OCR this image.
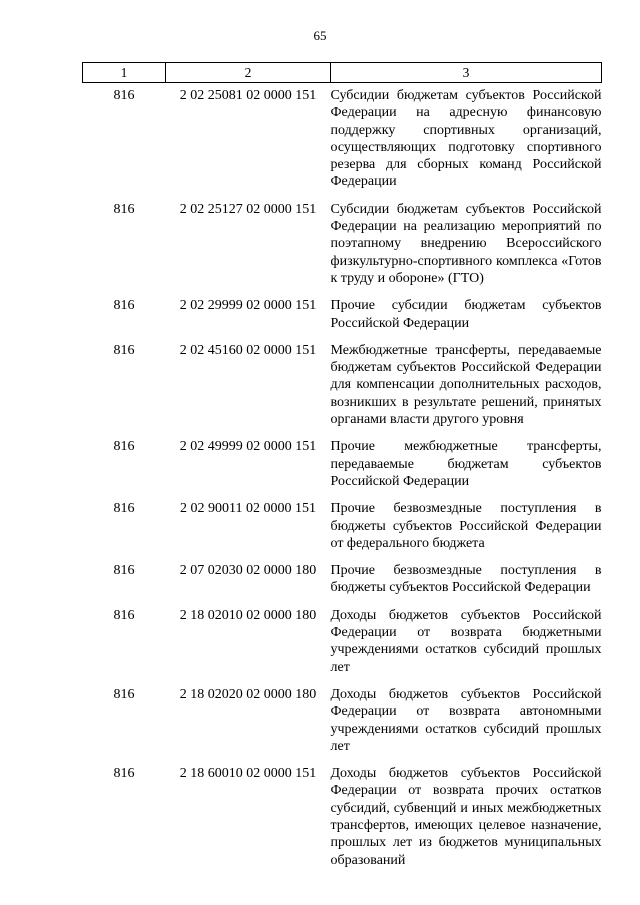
65
1	2	3
816	2 02 25081 02 0000 151	Субсидии бюджетам субъектов Российской Федерации на адресную финансовую поддержку спортивных организаций, осуществляющих подготовку спортивного резерва для сборных команд Российской Федерации
816	2 02 25127 02 0000 151	Субсидии бюджетам субъектов Российской Федерации на реализацию мероприятий по поэтапному внедрению Всероссийского физкультурно-спортивного комплекса «Готов к труду и обороне» (ГТО)
816	2 02 29999 02 0000 151	Прочие субсидии бюджетам субъектов Российской Федерации
816	2 02 45160 02 0000 151	Межбюджетные трансферты, передаваемые бюджетам субъектов Российской Федерации для компенсации дополнительных расходов, возникших в результате решений, принятых органами власти другого уровня
816	2 02 49999 02 0000 151	Прочие межбюджетные трансферты, передаваемые бюджетам субъектов Российской Федерации
816	2 02 90011 02 0000 151	Прочие безвозмездные поступления в бюджеты субъектов Российской Федерации от федерального бюджета
816	2 07 02030 02 0000 180	Прочие безвозмездные поступления в бюджеты субъектов Российской Федерации
816	2 18 02010 02 0000 180	Доходы бюджетов субъектов Российской Федерации от возврата бюджетными учреждениями остатков субсидий прошлых лет
816	2 18 02020 02 0000 180	Доходы бюджетов субъектов Российской Федерации от возврата автономными учреждениями остатков субсидий прошлых лет
816	2 18 60010 02 0000 151	Доходы бюджетов субъектов Российской Федерации от возврата прочих остатков субсидий, субвенций и иных межбюджетных трансфертов, имеющих целевое назначение, прошлых лет из бюджетов муниципальных образований
